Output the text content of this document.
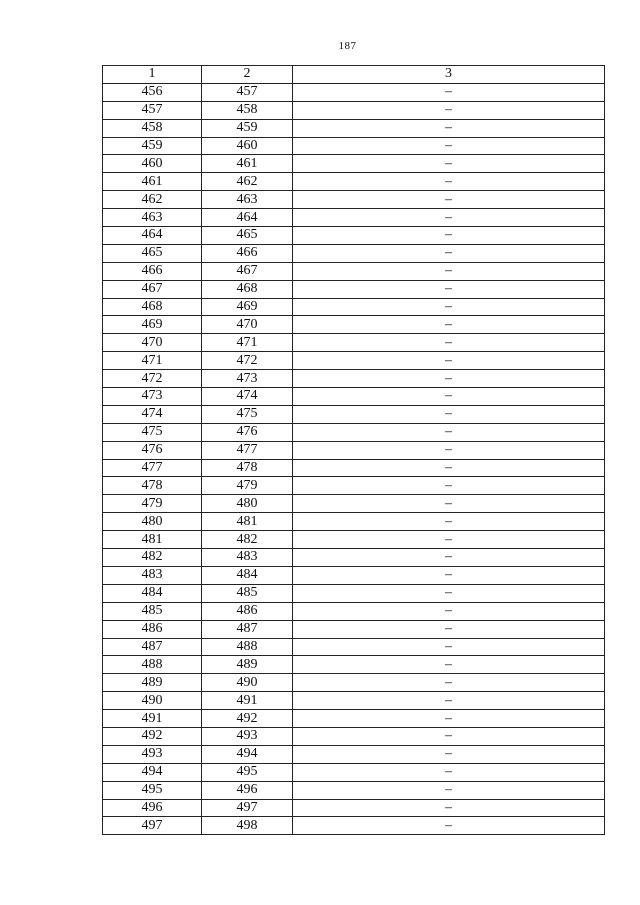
187
1	2	3
456	457	–
457	458	–
458	459	–
459	460	–
460	461	–
461	462	–
462	463	–
463	464	–
464	465	–
465	466	–
466	467	–
467	468	–
468	469	–
469	470	–
470	471	–
471	472	–
472	473	–
473	474	–
474	475	–
475	476	–
476	477	–
477	478	–
478	479	–
479	480	–
480	481	–
481	482	–
482	483	–
483	484	–
484	485	–
485	486	–
486	487	–
487	488	–
488	489	–
489	490	–
490	491	–
491	492	–
492	493	–
493	494	–
494	495	–
495	496	–
496	497	–
497	498	–
